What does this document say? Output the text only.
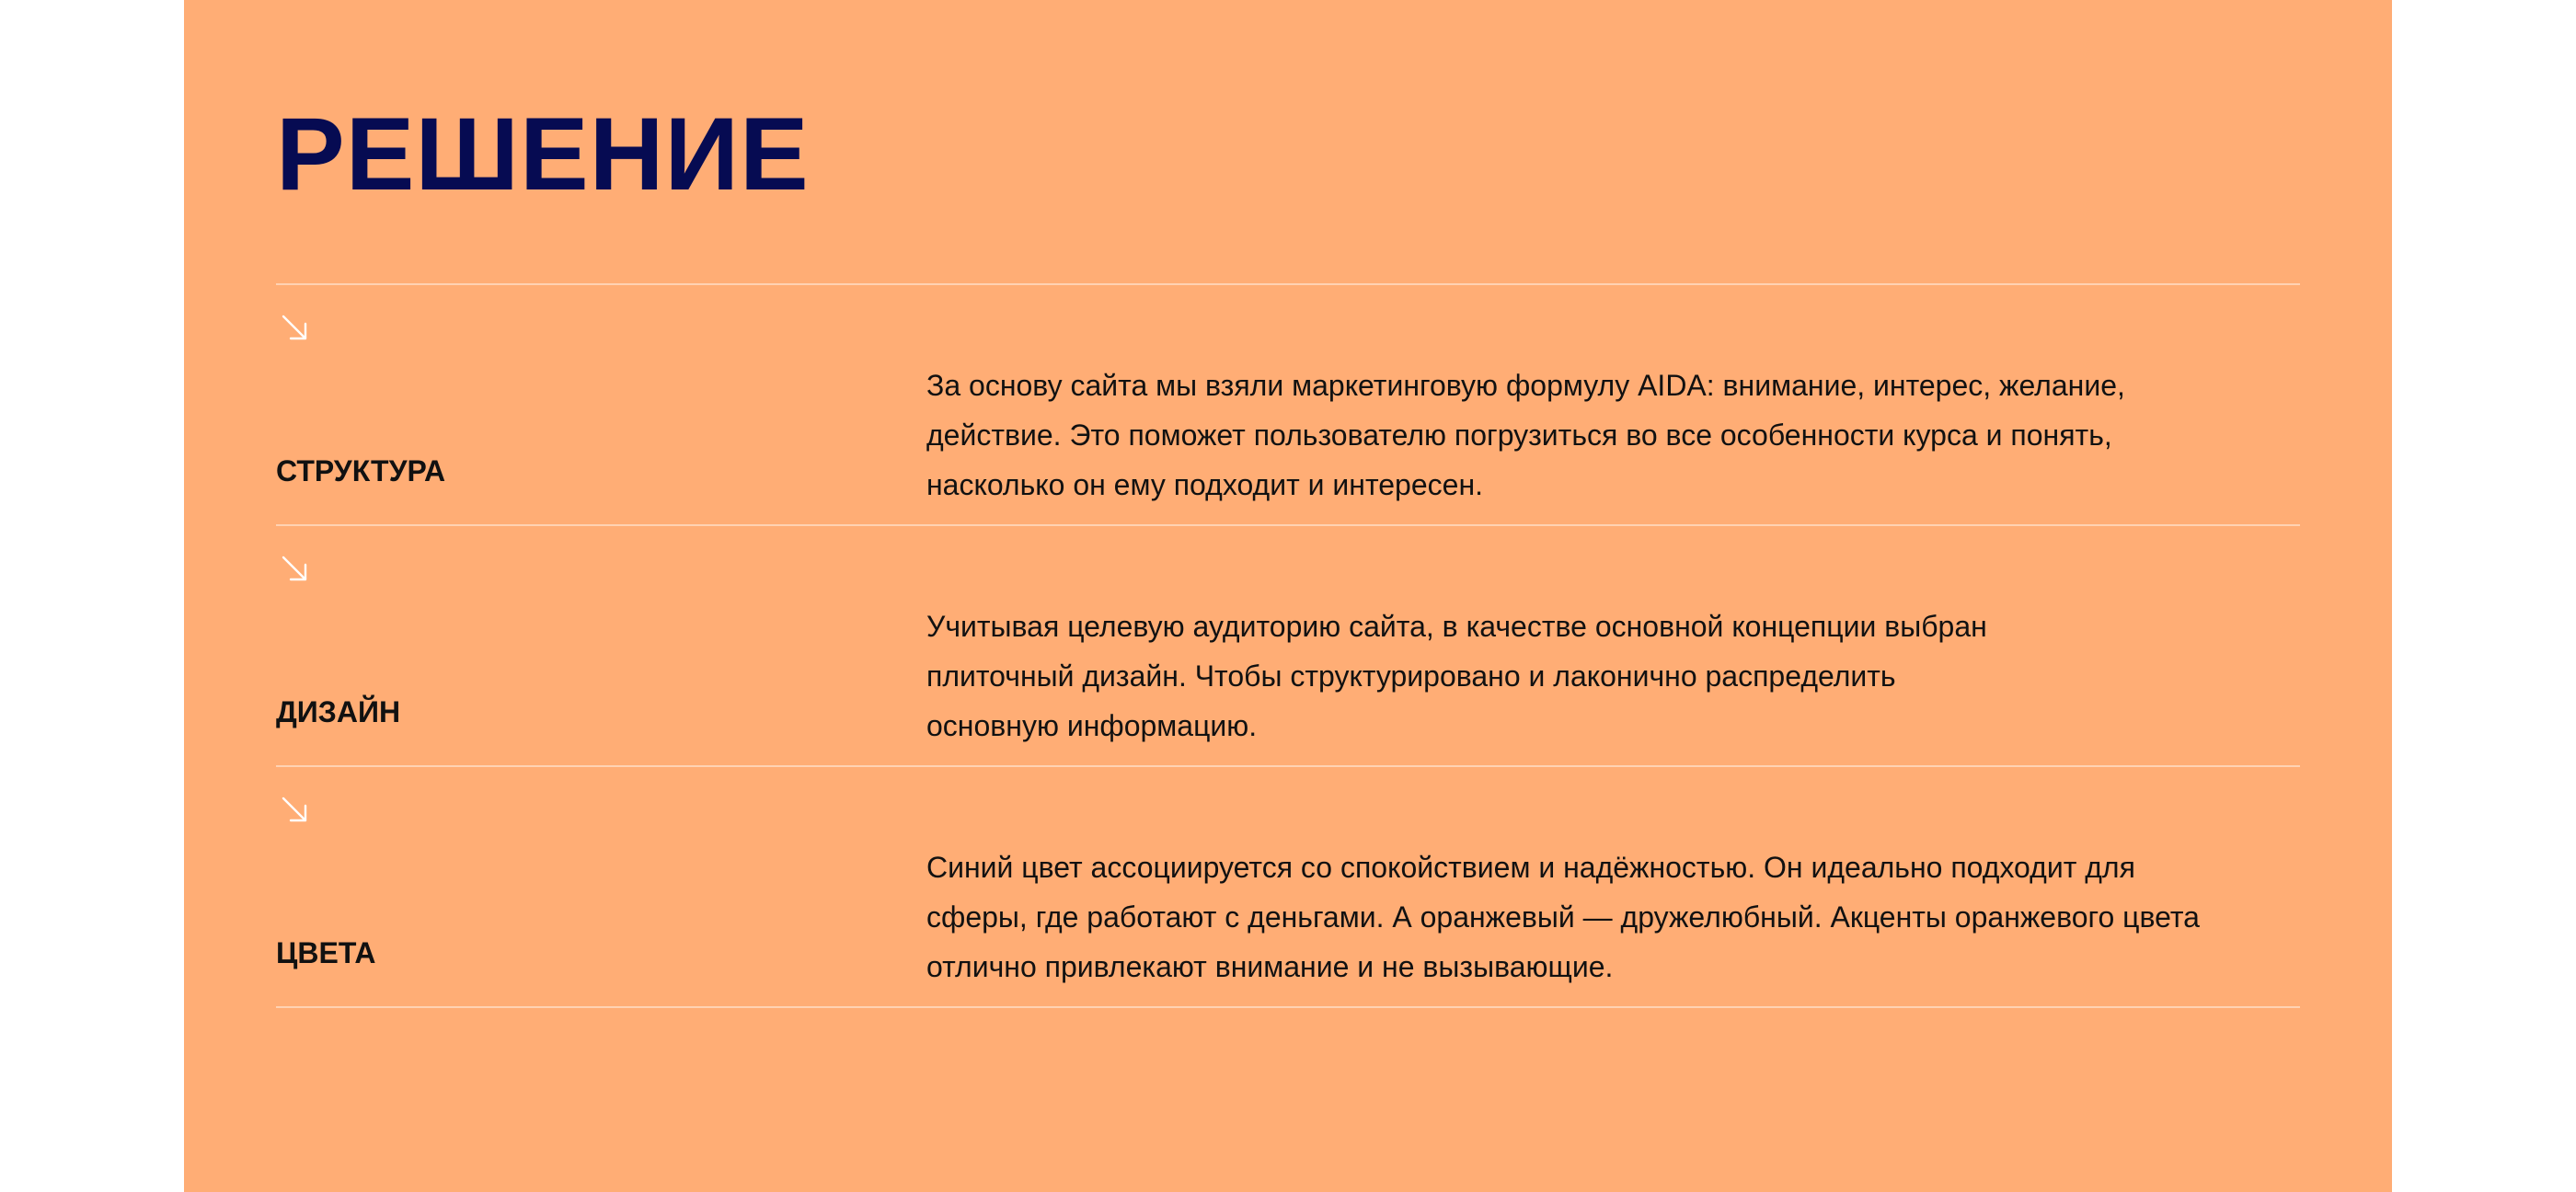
РЕШЕНИЕ
СТРУКТУРА
За основу сайта мы взяли маркетинговую формулу AIDA: внимание, интерес, желание,
действие. Это поможет пользователю погрузиться во все особенности курса и понять,
насколько он ему подходит и интересен.
ДИЗАЙН
Учитывая целевую аудиторию сайта, в качестве основной концепции выбран
плиточный дизайн. Чтобы структурировано и лаконично распределить
основную информацию.
ЦВЕТА
Синий цвет ассоциируется со спокойствием и надёжностью. Он идеально подходит для
сферы, где работают с деньгами. А оранжевый — дружелюбный. Акценты оранжевого цвета
отлично привлекают внимание и не вызывающие.
